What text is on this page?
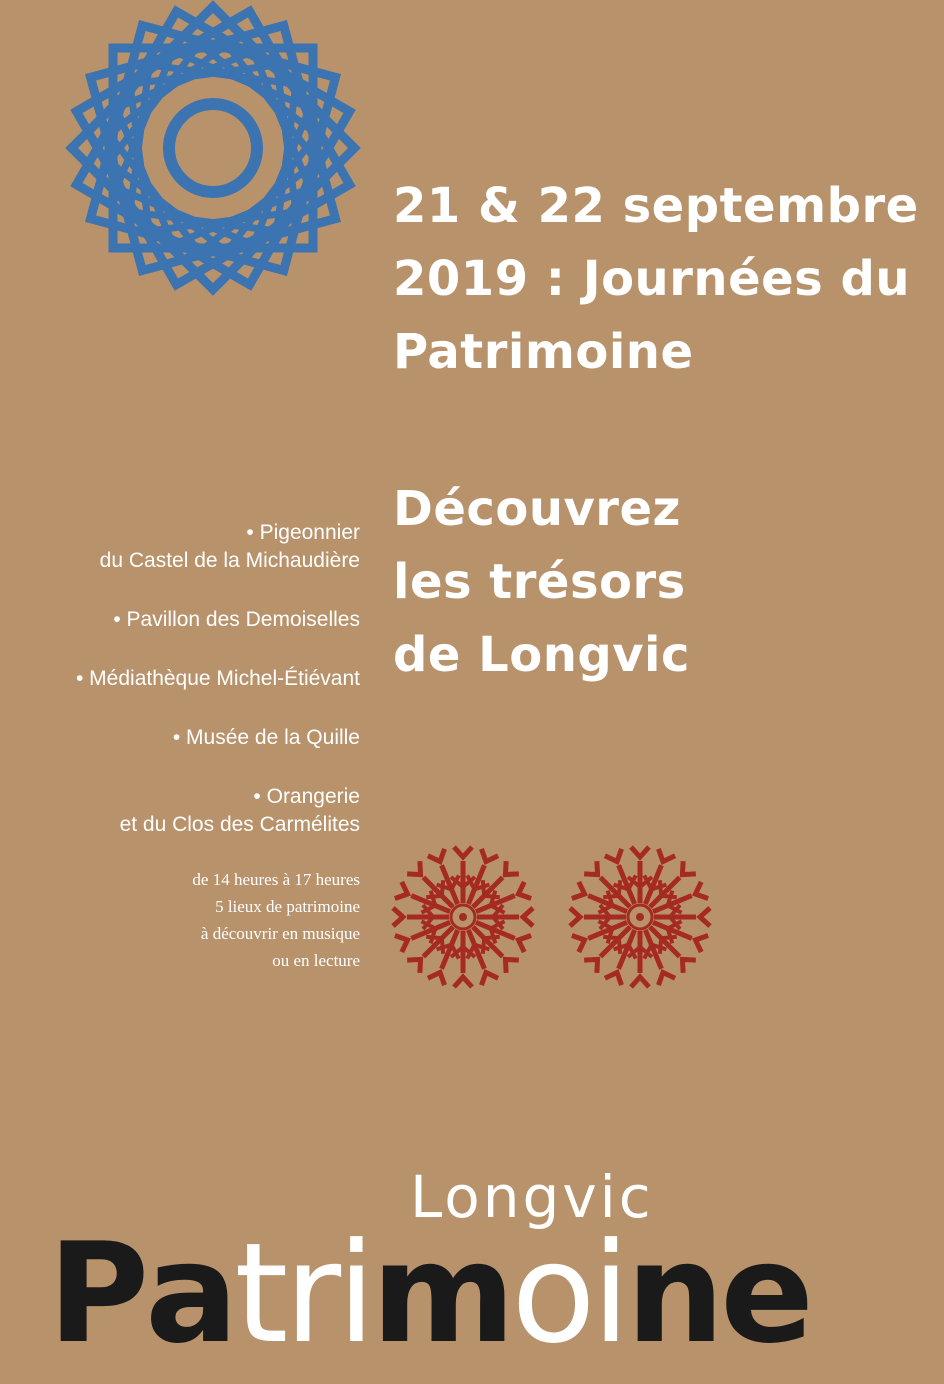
21 & 22 septembre
2019 : Journées du
Patrimoine
Découvrez
les trésors
de Longvic
• Pigeonnier
du Castel de la Michaudière
• Pavillon des Demoiselles
• Médiathèque Michel-Étiévant
• Musée de la Quille
• Orangerie
et du Clos des Carmélites
de 14 heures à 17 heures
5 lieux de patrimoine
à découvrir en musique
ou en lecture
Longvic
Patrimoine
